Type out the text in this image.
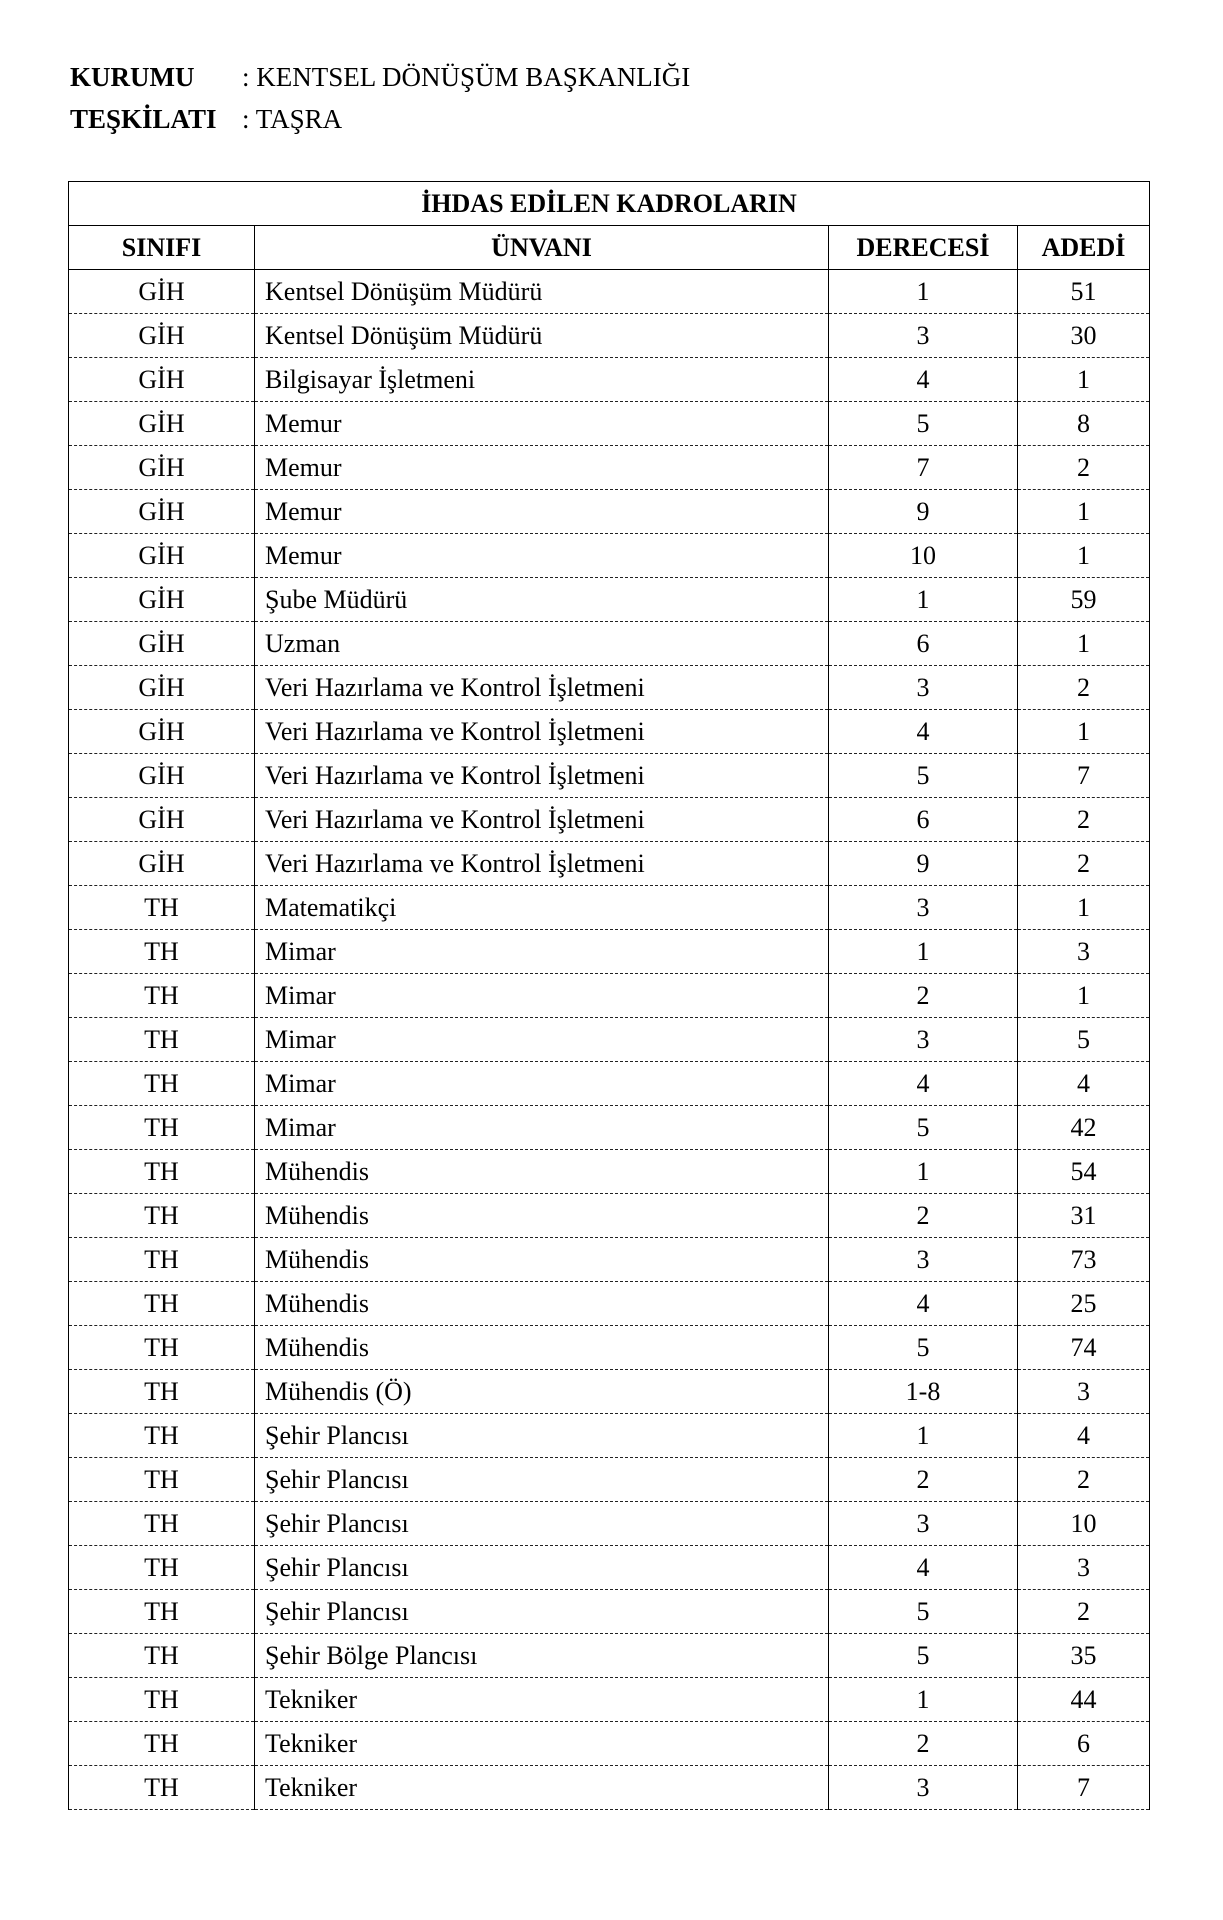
KURUMU : KENTSEL DÖNÜŞÜM BAŞKANLIĞI
TEŞKİLATI : TAŞRA
İHDAS EDİLEN KADROLARIN			
SINIFI	ÜNVANI	DERECESİ	ADEDİ
GİH	Kentsel Dönüşüm Müdürü	1	51
GİH	Kentsel Dönüşüm Müdürü	3	30
GİH	Bilgisayar İşletmeni	4	1
GİH	Memur	5	8
GİH	Memur	7	2
GİH	Memur	9	1
GİH	Memur	10	1
GİH	Şube Müdürü	1	59
GİH	Uzman	6	1
GİH	Veri Hazırlama ve Kontrol İşletmeni	3	2
GİH	Veri Hazırlama ve Kontrol İşletmeni	4	1
GİH	Veri Hazırlama ve Kontrol İşletmeni	5	7
GİH	Veri Hazırlama ve Kontrol İşletmeni	6	2
GİH	Veri Hazırlama ve Kontrol İşletmeni	9	2
TH	Matematikçi	3	1
TH	Mimar	1	3
TH	Mimar	2	1
TH	Mimar	3	5
TH	Mimar	4	4
TH	Mimar	5	42
TH	Mühendis	1	54
TH	Mühendis	2	31
TH	Mühendis	3	73
TH	Mühendis	4	25
TH	Mühendis	5	74
TH	Mühendis (Ö)	1-8	3
TH	Şehir Plancısı	1	4
TH	Şehir Plancısı	2	2
TH	Şehir Plancısı	3	10
TH	Şehir Plancısı	4	3
TH	Şehir Plancısı	5	2
TH	Şehir Bölge Plancısı	5	35
TH	Tekniker	1	44
TH	Tekniker	2	6
TH	Tekniker	3	7
